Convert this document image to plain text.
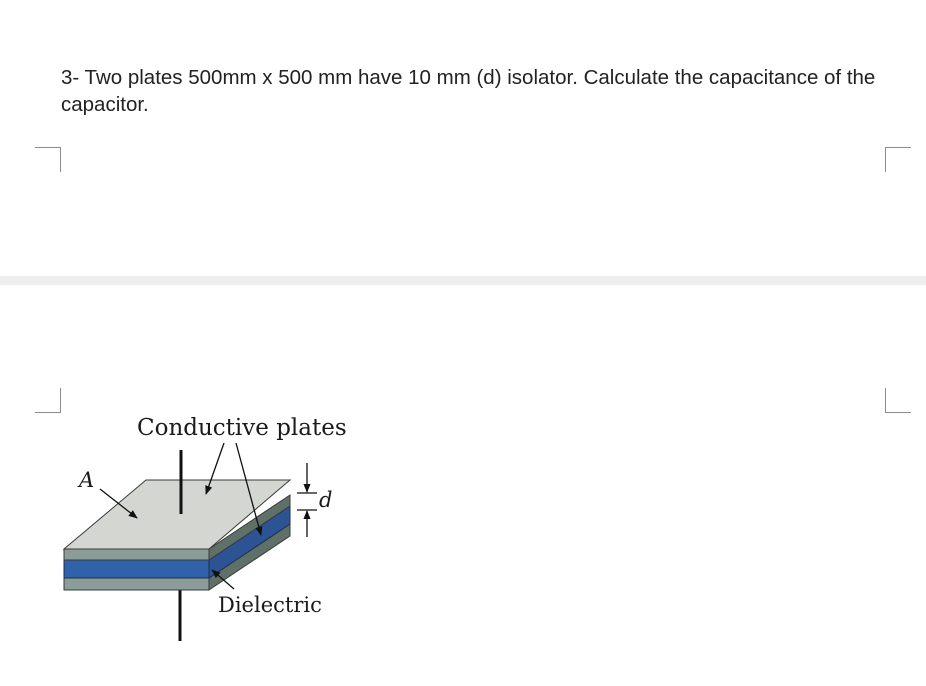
3- Two plates 500mm x 500 mm have 10 mm (d) isolator. Calculate the capacitance of the capacitor.

Conductive plates
A
d
Dielectric
